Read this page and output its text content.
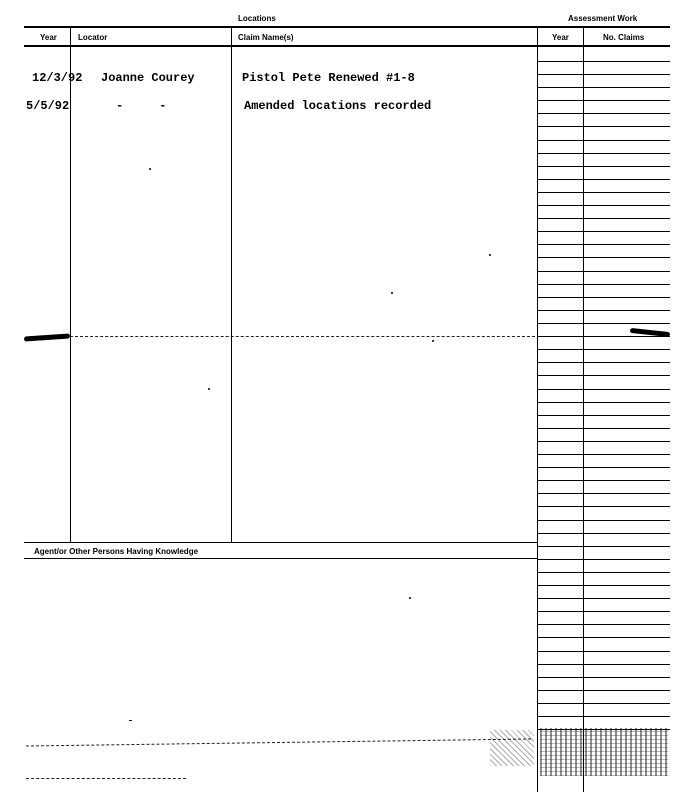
Locations	Assessment Work
Year	Locator	Claim Name(s)	Year	No. Claims
12/3/92 Joanne Courey	Pistol Pete Renewed #1-8
5/5/92	-     -	Amended locations recorded
Agent/or Other Persons Having Knowledge
